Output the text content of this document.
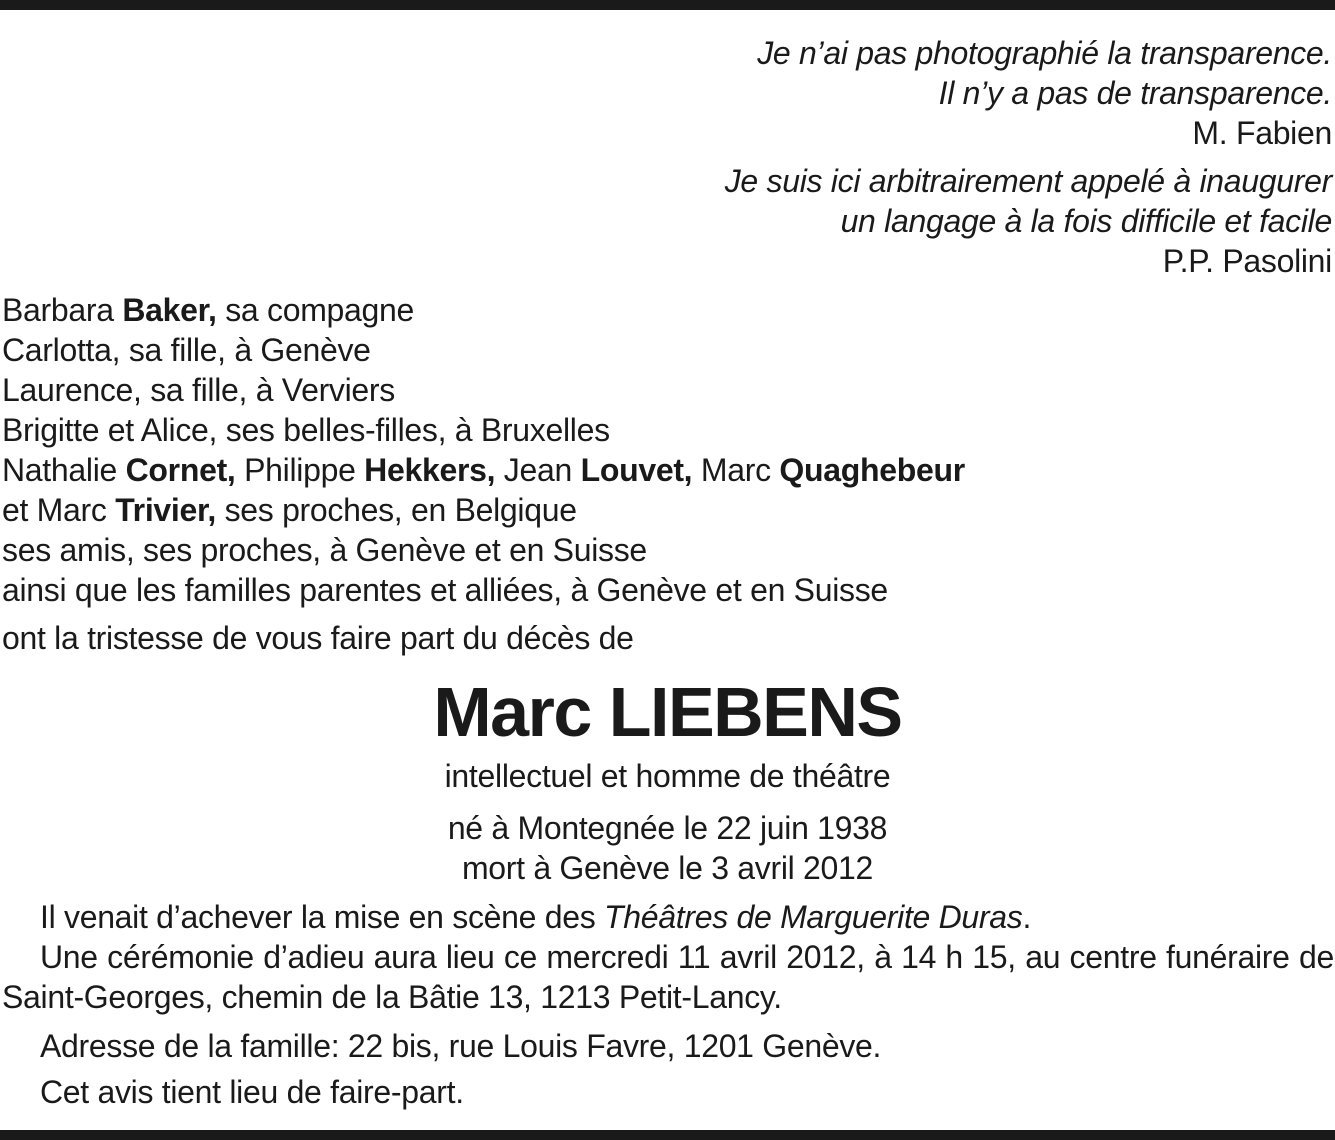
Je n’ai pas photographié la transparence.
Il n’y a pas de transparence.
M. Fabien
Je suis ici arbitrairement appelé à inaugurer
un langage à la fois difficile et facile
P.P. Pasolini
Barbara Baker, sa compagne
Carlotta, sa fille, à Genève
Laurence, sa fille, à Verviers
Brigitte et Alice, ses belles-filles, à Bruxelles
Nathalie Cornet, Philippe Hekkers, Jean Louvet, Marc Quaghebeur
et Marc Trivier, ses proches, en Belgique
ses amis, ses proches, à Genève et en Suisse
ainsi que les familles parentes et alliées, à Genève et en Suisse
ont la tristesse de vous faire part du décès de
Marc LIEBENS
intellectuel et homme de théâtre
né à Montegnée le 22 juin 1938
mort à Genève le 3 avril 2012
Il venait d’achever la mise en scène des Théâtres de Marguerite Duras.
Une cérémonie d’adieu aura lieu ce mercredi 11 avril 2012, à 14 h 15, au centre funéraire de Saint-Georges, chemin de la Bâtie 13, 1213 Petit-Lancy.
Adresse de la famille: 22 bis, rue Louis Favre, 1201 Genève.
Cet avis tient lieu de faire-part.
